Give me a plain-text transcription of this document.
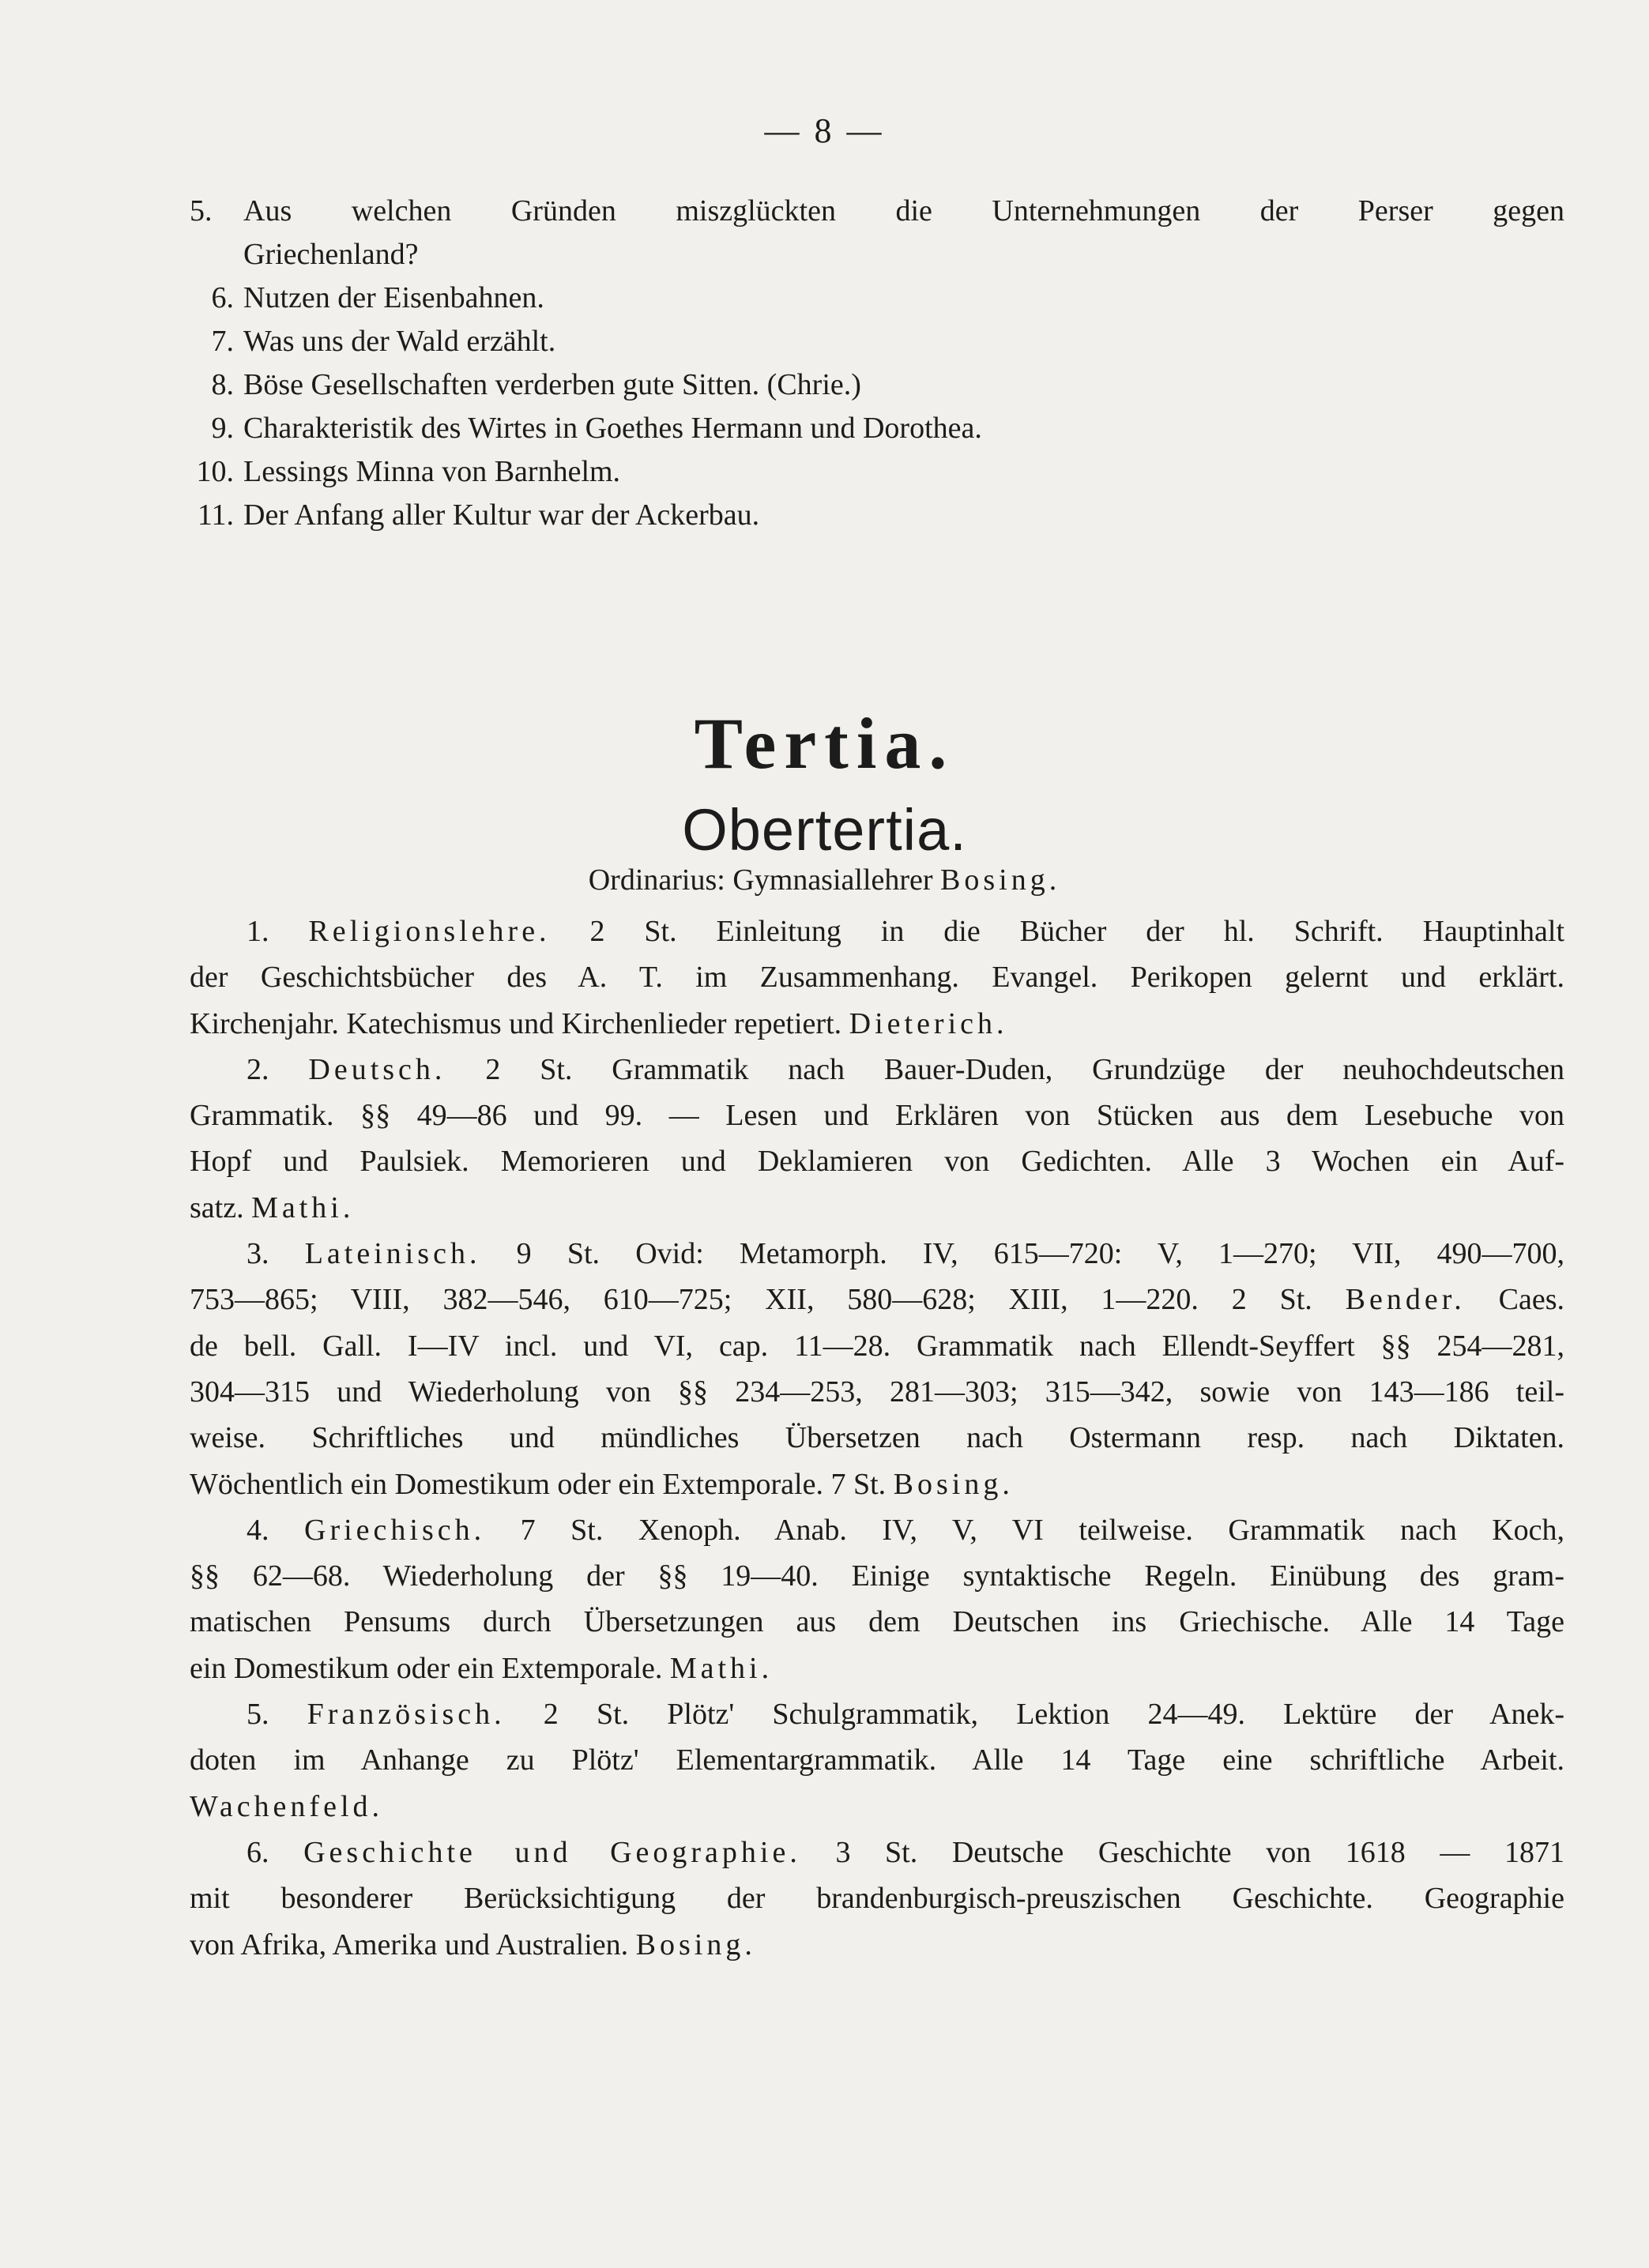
— 8 —
5.	Aus welchen Gründen miszglückten die Unternehmungen der Perser gegen
Griechenland?
6. Nutzen der Eisenbahnen.
7. Was uns der Wald erzählt.
8. Böse Gesellschaften verderben gute Sitten. (Chrie.)
9. Charakteristik des Wirtes in Goethes Hermann und Dorothea.
10. Lessings Minna von Barnhelm.
11. Der Anfang aller Kultur war der Ackerbau.
Tertia.
Obertertia.
Ordinarius: Gymnasiallehrer Bosing.
1. Religionslehre. 2 St. Einleitung in die Bücher der hl. Schrift. Hauptinhalt
der Geschichtsbücher des A. T. im Zusammenhang. Evangel. Perikopen gelernt und erklärt.
Kirchenjahr. Katechismus und Kirchenlieder repetiert. Dieterich.
2. Deutsch. 2 St. Grammatik nach Bauer-Duden, Grundzüge der neuhochdeutschen
Grammatik. §§ 49—86 und 99. — Lesen und Erklären von Stücken aus dem Lesebuche von
Hopf und Paulsiek. Memorieren und Deklamieren von Gedichten. Alle 3 Wochen ein Auf-
satz. Mathi.
3. Lateinisch. 9 St. Ovid: Metamorph. IV, 615—720: V, 1—270; VII, 490—700,
753—865; VIII, 382—546, 610—725; XII, 580—628; XIII, 1—220. 2 St. Bender. Caes.
de bell. Gall. I—IV incl. und VI, cap. 11—28. Grammatik nach Ellendt-Seyffert §§ 254—281,
304—315 und Wiederholung von §§ 234—253, 281—303; 315—342, sowie von 143—186 teil-
weise. Schriftliches und mündliches Übersetzen nach Ostermann resp. nach Diktaten.
Wöchentlich ein Domestikum oder ein Extemporale. 7 St. Bosing.
4. Griechisch. 7 St. Xenoph. Anab. IV, V, VI teilweise. Grammatik nach Koch,
§§ 62—68. Wiederholung der §§ 19—40. Einige syntaktische Regeln. Einübung des gram-
matischen Pensums durch Übersetzungen aus dem Deutschen ins Griechische. Alle 14 Tage
ein Domestikum oder ein Extemporale. Mathi.
5. Französisch. 2 St. Plötz' Schulgrammatik, Lektion 24—49. Lektüre der Anek-
doten im Anhange zu Plötz' Elementargrammatik. Alle 14 Tage eine schriftliche Arbeit.
Wachenfeld.
6. Geschichte und Geographie. 3 St. Deutsche Geschichte von 1618 — 1871
mit besonderer Berücksichtigung der brandenburgisch-preuszischen Geschichte. Geographie
von Afrika, Amerika und Australien. Bosing.
